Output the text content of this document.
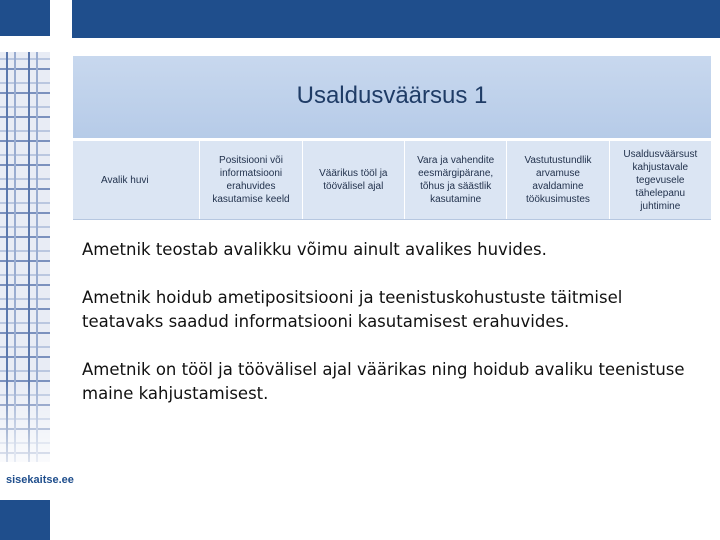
sisekaitse.ee
Usaldusväärsus 1
Avalik huvi
Positsiooni või
informatsiooni
erahuvides
kasutamise keeld
Väärikus tööl ja
töövälisel ajal
Vara ja vahendite
eesmärgipärane,
tõhus ja säästlik
kasutamine
Vastutustundlik
arvamuse
avaldamine
töökusimustes
Usaldusväärsust
kahjustavale
tegevusele
tähelepanu
juhtimine

Ametnik teostab avalikku võimu ainult avalikes huvides.

Ametnik hoidub ametipositsiooni ja teenistuskohustuste täitmisel teatavaks saadud informatsiooni kasutamisest erahuvides.

Ametnik on tööl ja töövälisel ajal väärikas ning hoidub avaliku teenistuse maine kahjustamisest.
